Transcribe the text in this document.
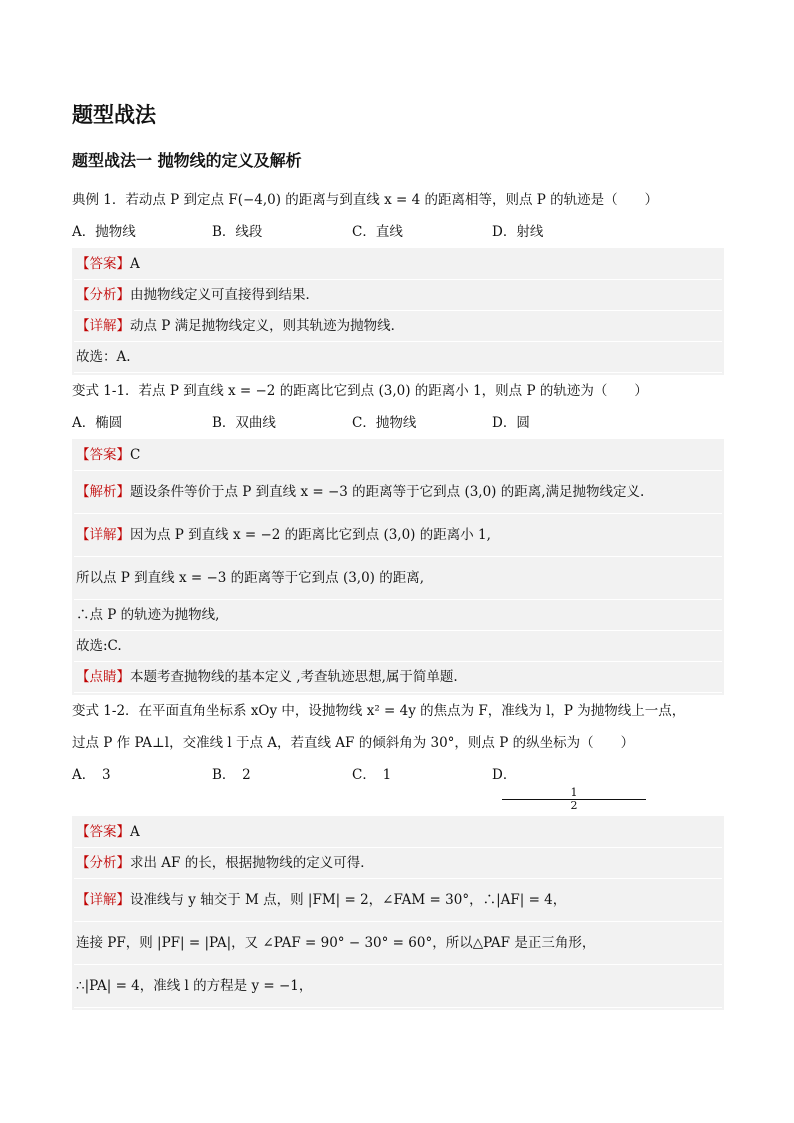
题型战法
题型战法一 抛物线的定义及解析
典例 1．若动点 P 到定点 F(−4,0) 的距离与到直线 x = 4 的距离相等，则点 P 的轨迹是（　　）
A．抛物线	B．线段	C．直线	D．射线
【答案】A
【分析】由抛物线定义可直接得到结果．
【详解】动点 P 满足抛物线定义，则其轨迹为抛物线．
故选：A.
变式 1-1．若点 P 到直线 x = −2 的距离比它到点 (3,0) 的距离小 1，则点 P 的轨迹为（　　）
A．椭圆	B．双曲线	C．抛物线	D．圆
【答案】C
【解析】题设条件等价于点 P 到直线 x = −3 的距离等于它到点 (3,0) 的距离,满足抛物线定义.
【详解】因为点 P 到直线 x = −2 的距离比它到点 (3,0) 的距离小 1,
所以点 P 到直线 x = −3 的距离等于它到点 (3,0) 的距离,
∴点 P 的轨迹为抛物线,
故选:C.
【点睛】本题考查抛物线的基本定义 ,考查轨迹思想,属于简单题.
变式 1-2．在平面直角坐标系 xOy 中，设抛物线 x² = 4y 的焦点为 F，准线为 l，P 为抛物线上一点，
过点 P 作 PA⊥l，交准线 l 于点 A，若直线 AF 的倾斜角为 30°，则点 P 的纵坐标为（　　）
A．　3	B．　2	C．　1	D．
$\frac{1}{2}$
【答案】A
【分析】求出 AF 的长，根据抛物线的定义可得．
【详解】设准线与 y 轴交于 M 点，则 |FM| = 2，∠FAM = 30°，∴|AF| = 4，
连接 PF，则 |PF| = |PA|，又 ∠PAF = 90° − 30° = 60°，所以△PAF 是正三角形，
∴|PA| = 4，准线 l 的方程是 y = −1，
